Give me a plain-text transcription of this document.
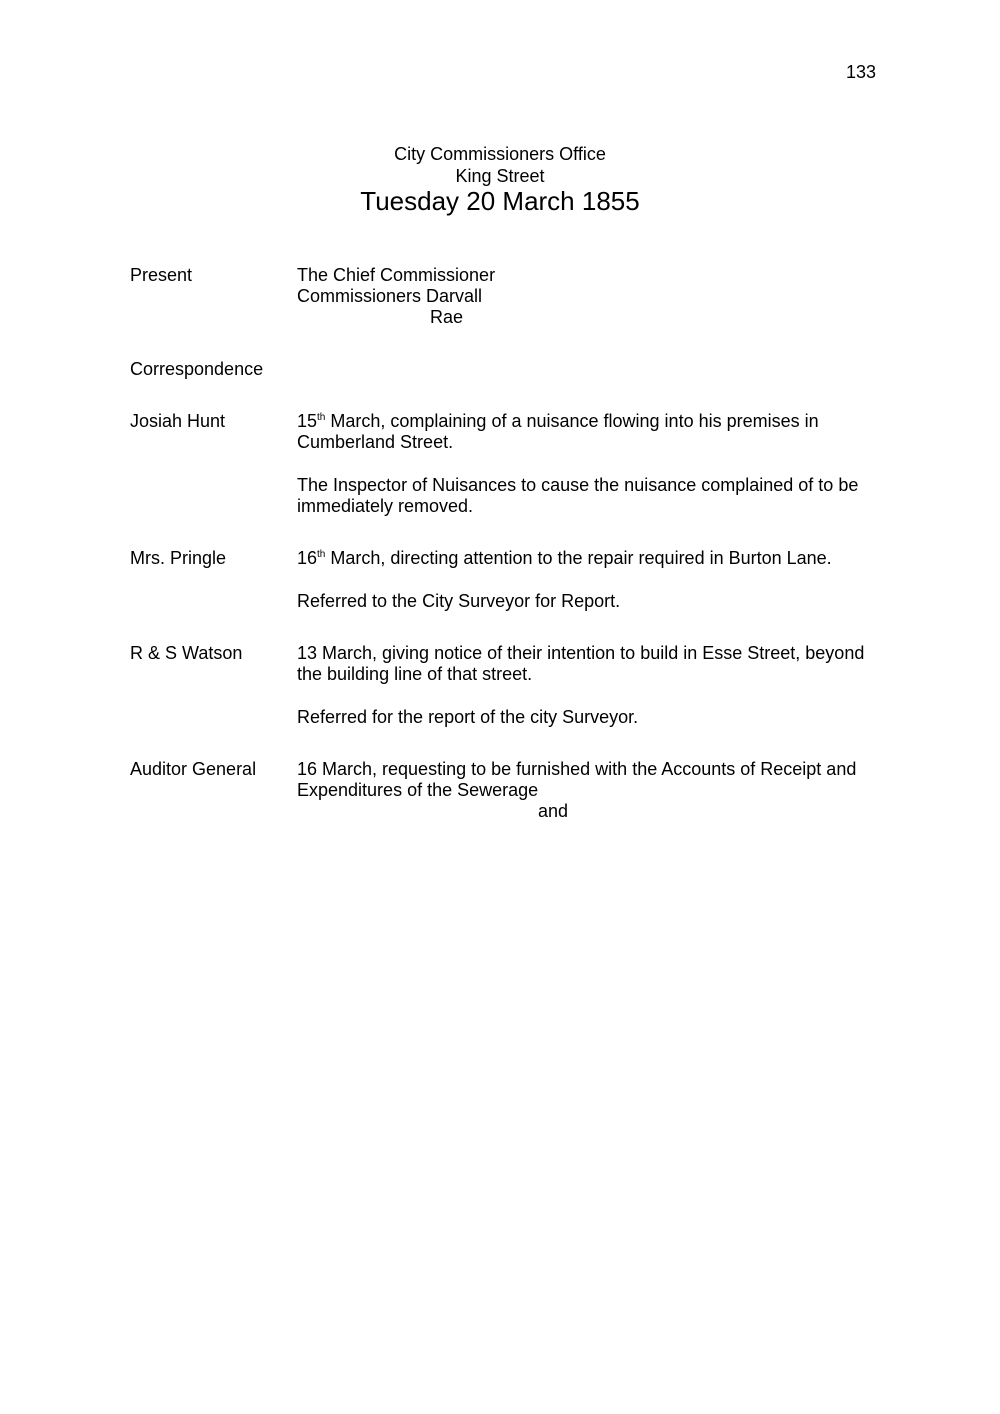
133

City Commissioners Office

King Street

Tuesday 20 March 1855

Present	The Chief Commissioner

Commissioners Darvall

Rae

Correspondence

Josiah Hunt	15th March, complaining of a nuisance flowing into his premises in

Cumberland Street.

The Inspector of Nuisances to cause the nuisance complained of to be

immediately removed.

Mrs. Pringle	16th March, directing attention to the repair required in Burton Lane.

Referred to the City Surveyor for Report.

R & S Watson	13 March, giving notice of their intention to build in Esse Street, beyond

the building line of that street.

Referred for the report of the city Surveyor.

Auditor General 16 March, requesting to be furnished with the Accounts of Receipt and

Expenditures of the Sewerage

and
